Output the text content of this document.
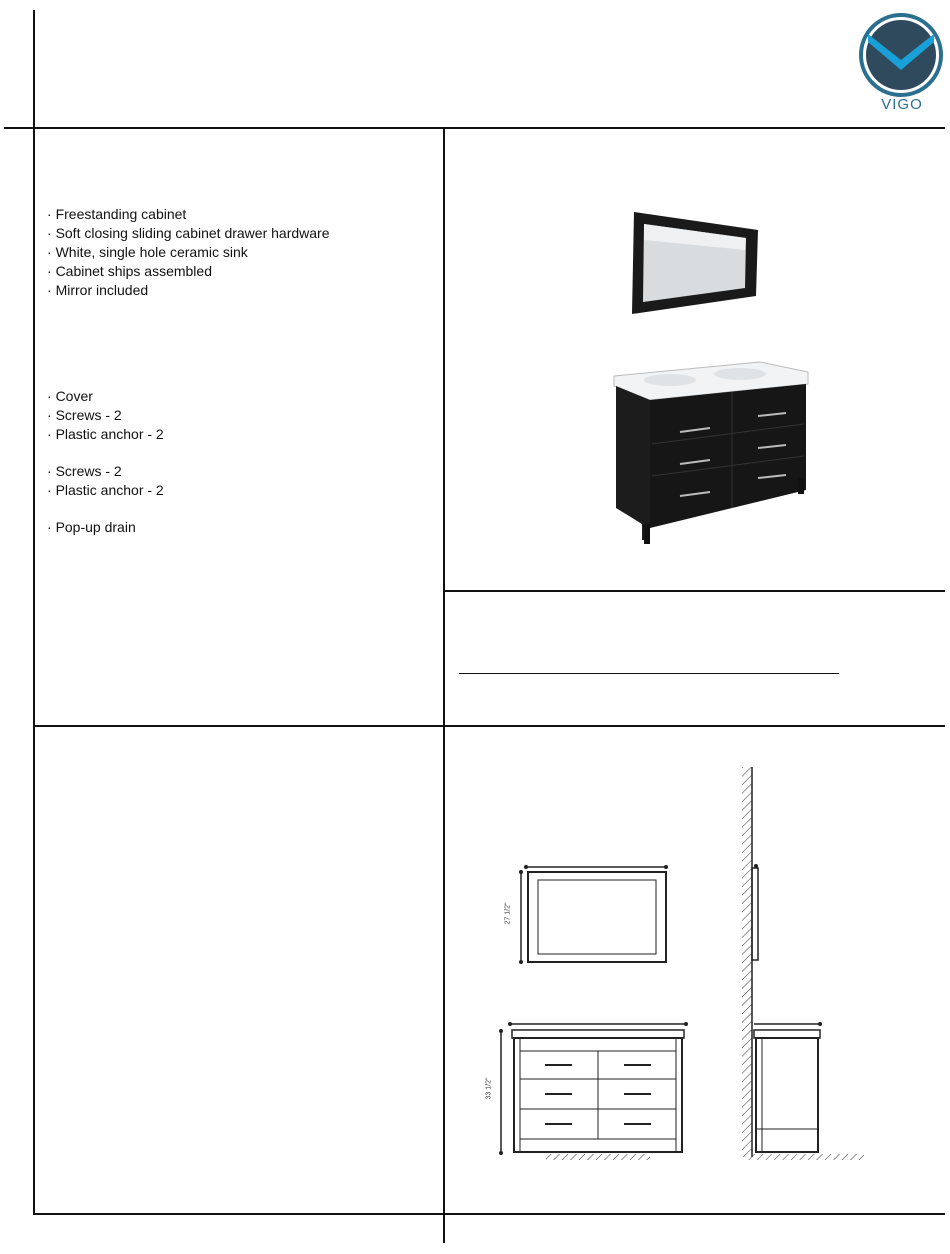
VIGO
· Freestanding cabinet
· Soft closing sliding cabinet drawer hardware
· White, single hole ceramic sink
· Cabinet ships assembled
· Mirror included
· Cover
· Screws - 2
· Plastic anchor - 2
· Screws - 2
· Plastic anchor - 2
· Pop-up drain
27 1/2"
33 1/2"
